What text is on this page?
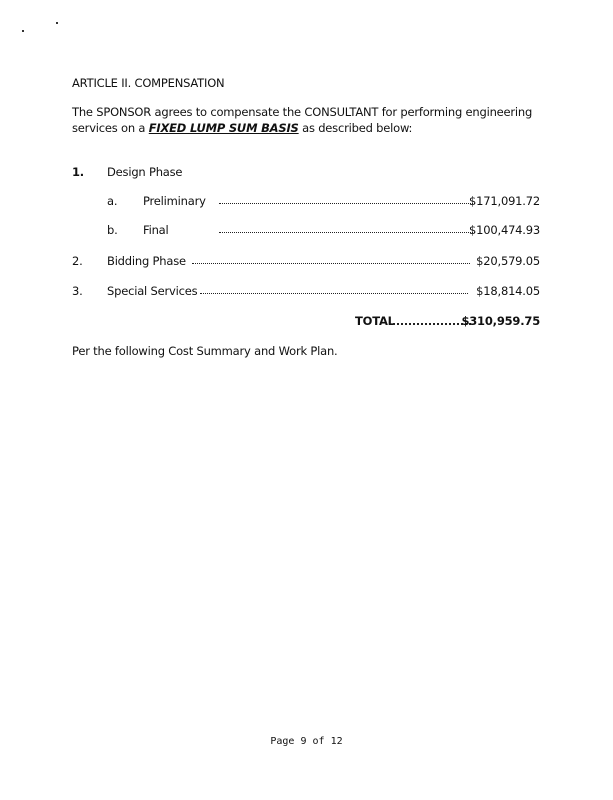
ARTICLE II. COMPENSATION
The SPONSOR agrees to compensate the CONSULTANT for performing engineering services on a FIXED LUMP SUM BASIS as described below:
1. Design Phase
a. Preliminary	$171,091.72
b. Final	$100,474.93
2. Bidding Phase	$20,579.05
3. Special Services	$18,814.05
TOTAL	$310,959.75
Per the following Cost Summary and Work Plan.
Page 9 of 12
